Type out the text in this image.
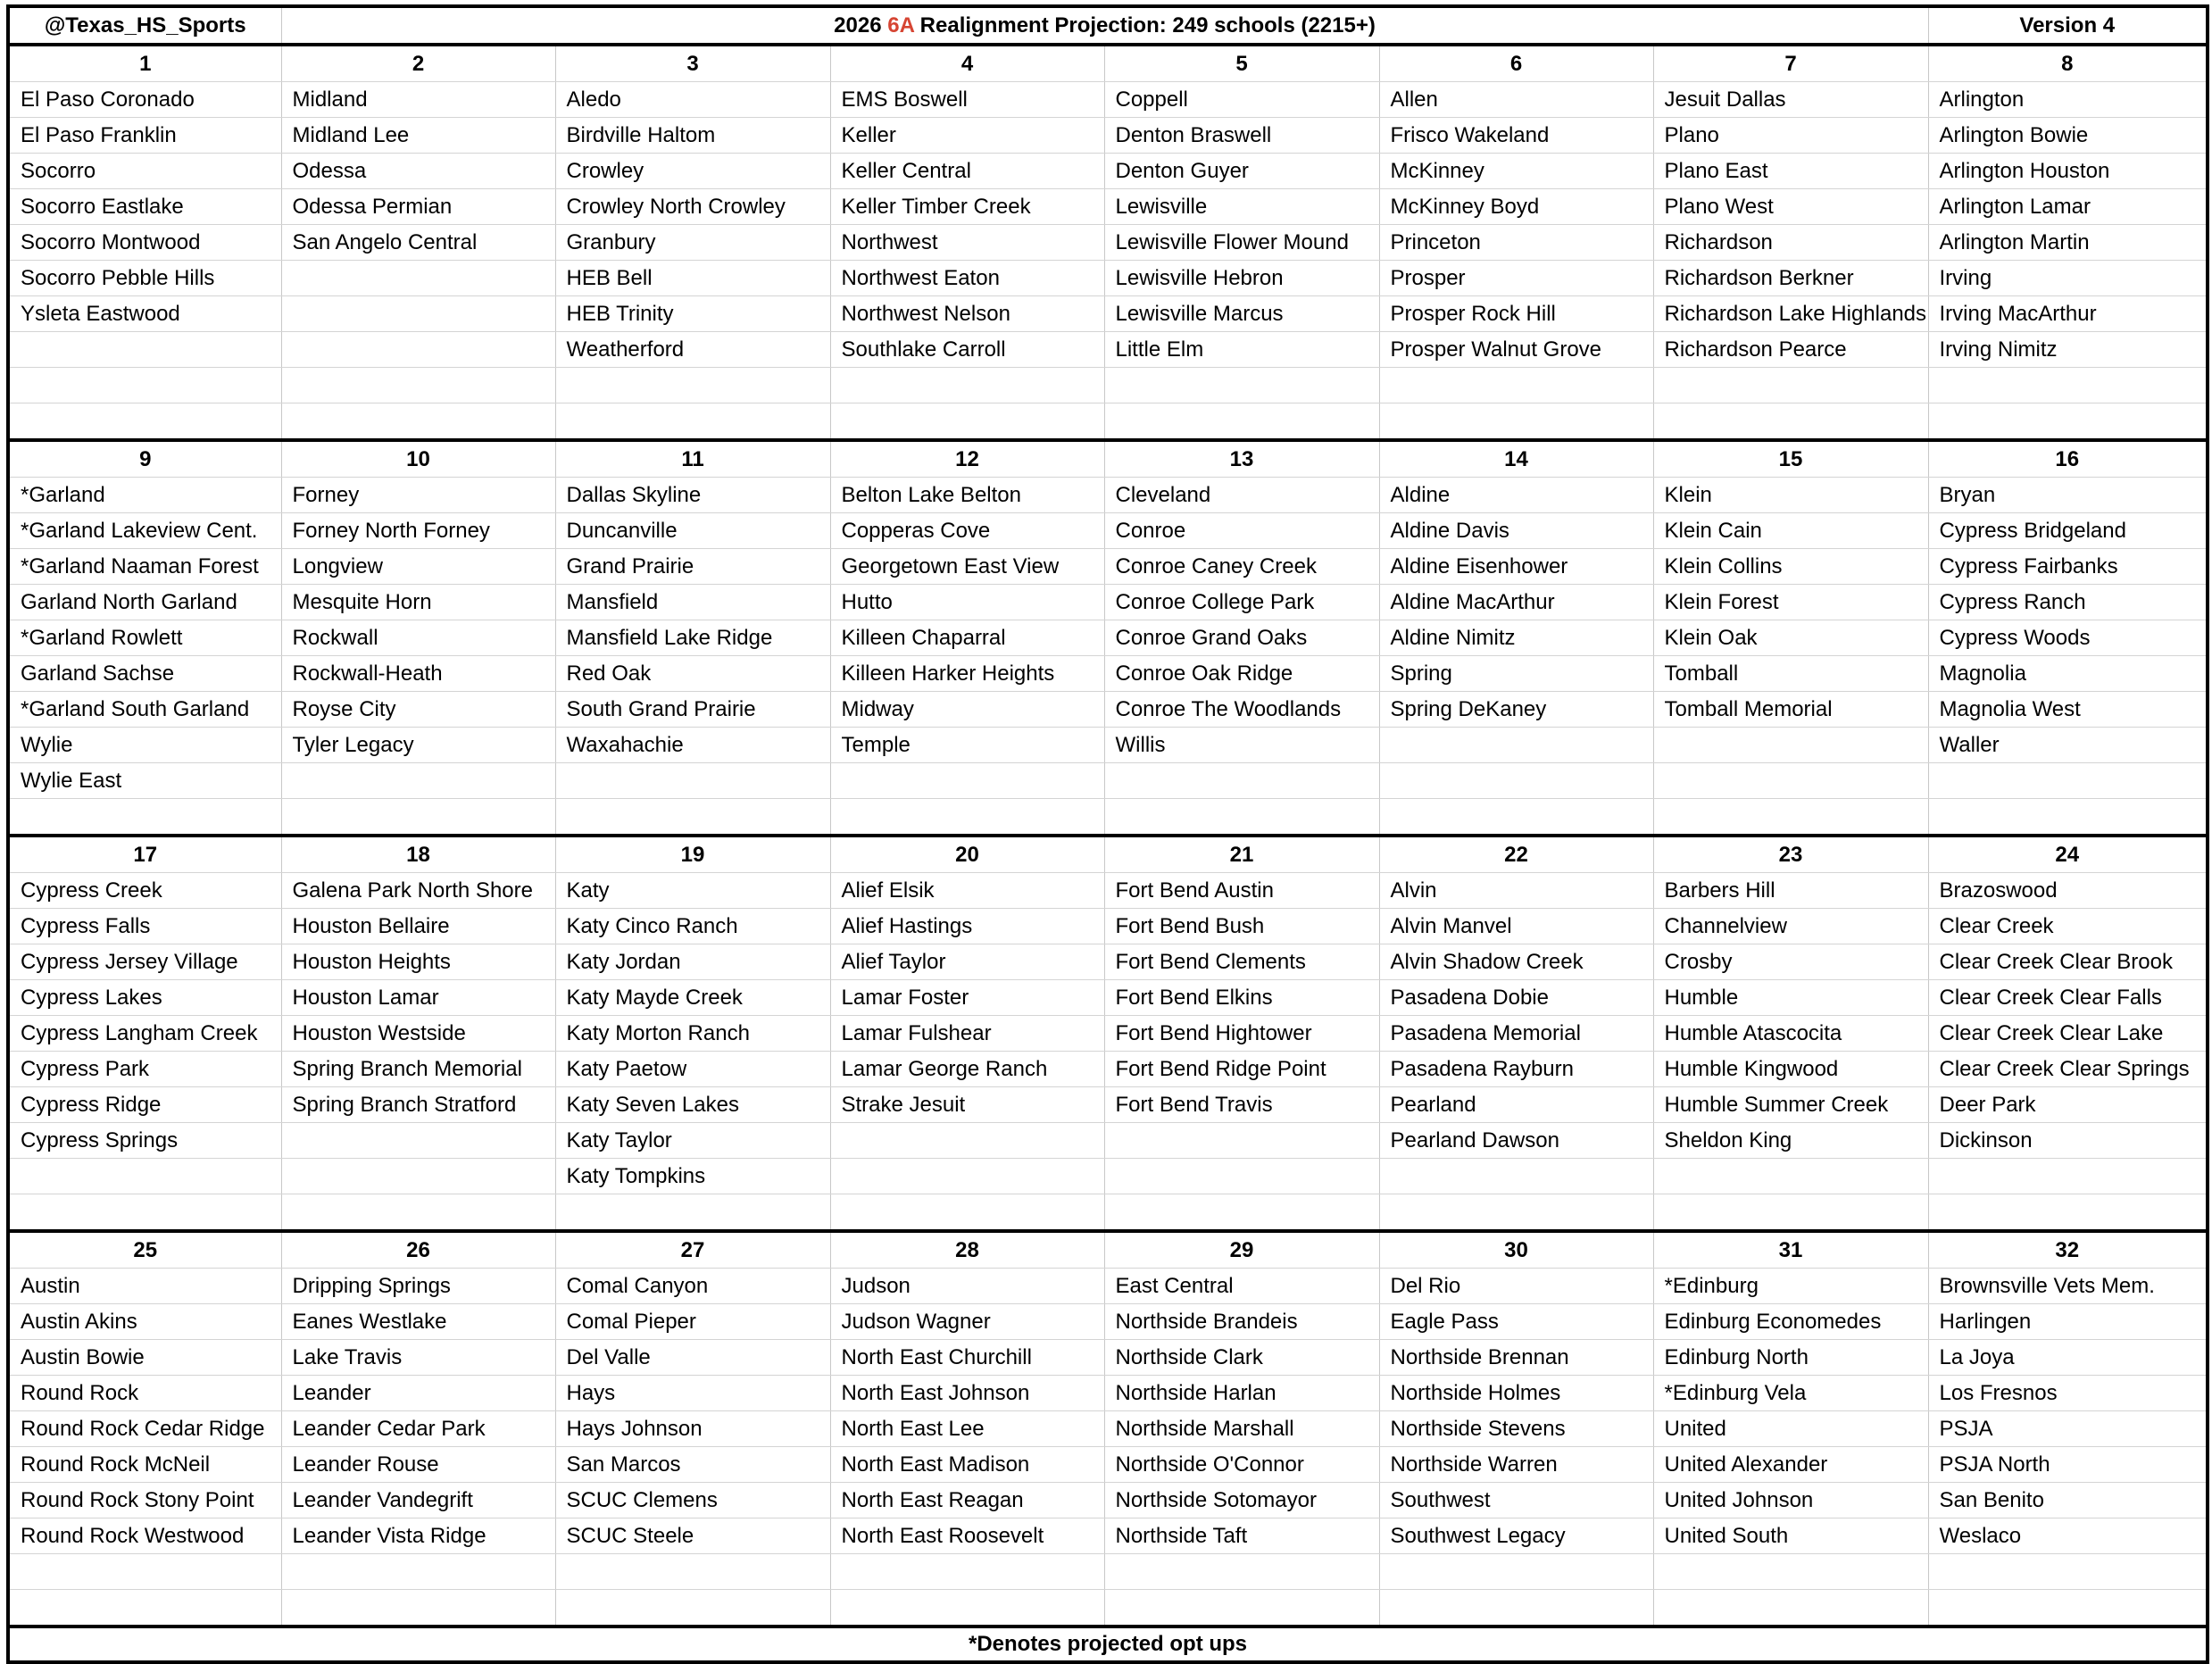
@Texas_HS_Sports	2026 6A Realignment Projection: 249 schools (2215+)						Version 4
1	2	3	4	5	6	7	8
El Paso Coronado	Midland	Aledo	EMS Boswell	Coppell	Allen	Jesuit Dallas	Arlington
El Paso Franklin	Midland Lee	Birdville Haltom	Keller	Denton Braswell	Frisco Wakeland	Plano	Arlington Bowie
Socorro	Odessa	Crowley	Keller Central	Denton Guyer	McKinney	Plano East	Arlington Houston
Socorro Eastlake	Odessa Permian	Crowley North Crowley	Keller Timber Creek	Lewisville	McKinney Boyd	Plano West	Arlington Lamar
Socorro Montwood	San Angelo Central	Granbury	Northwest	Lewisville Flower Mound	Princeton	Richardson	Arlington Martin
Socorro Pebble Hills		HEB Bell	Northwest Eaton	Lewisville Hebron	Prosper	Richardson Berkner	Irving
Ysleta Eastwood		HEB Trinity	Northwest Nelson	Lewisville Marcus	Prosper Rock Hill	Richardson Lake Highlands	Irving MacArthur
		Weatherford	Southlake Carroll	Little Elm	Prosper Walnut Grove	Richardson Pearce	Irving Nimitz

9	10	11	12	13	14	15	16
*Garland	Forney	Dallas Skyline	Belton Lake Belton	Cleveland	Aldine	Klein	Bryan
*Garland Lakeview Cent.	Forney North Forney	Duncanville	Copperas Cove	Conroe	Aldine Davis	Klein Cain	Cypress Bridgeland
*Garland Naaman Forest	Longview	Grand Prairie	Georgetown East View	Conroe Caney Creek	Aldine Eisenhower	Klein Collins	Cypress Fairbanks
Garland North Garland	Mesquite Horn	Mansfield	Hutto	Conroe College Park	Aldine MacArthur	Klein Forest	Cypress Ranch
*Garland Rowlett	Rockwall	Mansfield Lake Ridge	Killeen Chaparral	Conroe Grand Oaks	Aldine Nimitz	Klein Oak	Cypress Woods
Garland Sachse	Rockwall-Heath	Red Oak	Killeen Harker Heights	Conroe Oak Ridge	Spring	Tomball	Magnolia
*Garland South Garland	Royse City	South Grand Prairie	Midway	Conroe The Woodlands	Spring DeKaney	Tomball Memorial	Magnolia West
Wylie	Tyler Legacy	Waxahachie	Temple	Willis			Waller
Wylie East							

17	18	19	20	21	22	23	24
Cypress Creek	Galena Park North Shore	Katy	Alief Elsik	Fort Bend Austin	Alvin	Barbers Hill	Brazoswood
Cypress Falls	Houston Bellaire	Katy Cinco Ranch	Alief Hastings	Fort Bend Bush	Alvin Manvel	Channelview	Clear Creek
Cypress Jersey Village	Houston Heights	Katy Jordan	Alief Taylor	Fort Bend Clements	Alvin Shadow Creek	Crosby	Clear Creek Clear Brook
Cypress Lakes	Houston Lamar	Katy Mayde Creek	Lamar Foster	Fort Bend Elkins	Pasadena Dobie	Humble	Clear Creek Clear Falls
Cypress Langham Creek	Houston Westside	Katy Morton Ranch	Lamar Fulshear	Fort Bend Hightower	Pasadena Memorial	Humble Atascocita	Clear Creek Clear Lake
Cypress Park	Spring Branch Memorial	Katy Paetow	Lamar George Ranch	Fort Bend Ridge Point	Pasadena Rayburn	Humble Kingwood	Clear Creek Clear Springs
Cypress Ridge	Spring Branch Stratford	Katy Seven Lakes	Strake Jesuit	Fort Bend Travis	Pearland	Humble Summer Creek	Deer Park
Cypress Springs		Katy Taylor			Pearland Dawson	Sheldon King	Dickinson
		Katy Tompkins					

25	26	27	28	29	30	31	32
Austin	Dripping Springs	Comal Canyon	Judson	East Central	Del Rio	*Edinburg	Brownsville Vets Mem.
Austin Akins	Eanes Westlake	Comal Pieper	Judson Wagner	Northside Brandeis	Eagle Pass	Edinburg Economedes	Harlingen
Austin Bowie	Lake Travis	Del Valle	North East Churchill	Northside Clark	Northside Brennan	Edinburg North	La Joya
Round Rock	Leander	Hays	North East Johnson	Northside Harlan	Northside Holmes	*Edinburg Vela	Los Fresnos
Round Rock Cedar Ridge	Leander Cedar Park	Hays Johnson	North East Lee	Northside Marshall	Northside Stevens	United	PSJA
Round Rock McNeil	Leander Rouse	San Marcos	North East Madison	Northside O'Connor	Northside Warren	United Alexander	PSJA North
Round Rock Stony Point	Leander Vandegrift	SCUC Clemens	North East Reagan	Northside Sotomayor	Southwest	United Johnson	San Benito
Round Rock Westwood	Leander Vista Ridge	SCUC Steele	North East Roosevelt	Northside Taft	Southwest Legacy	United South	Weslaco

*Denotes projected opt ups							
